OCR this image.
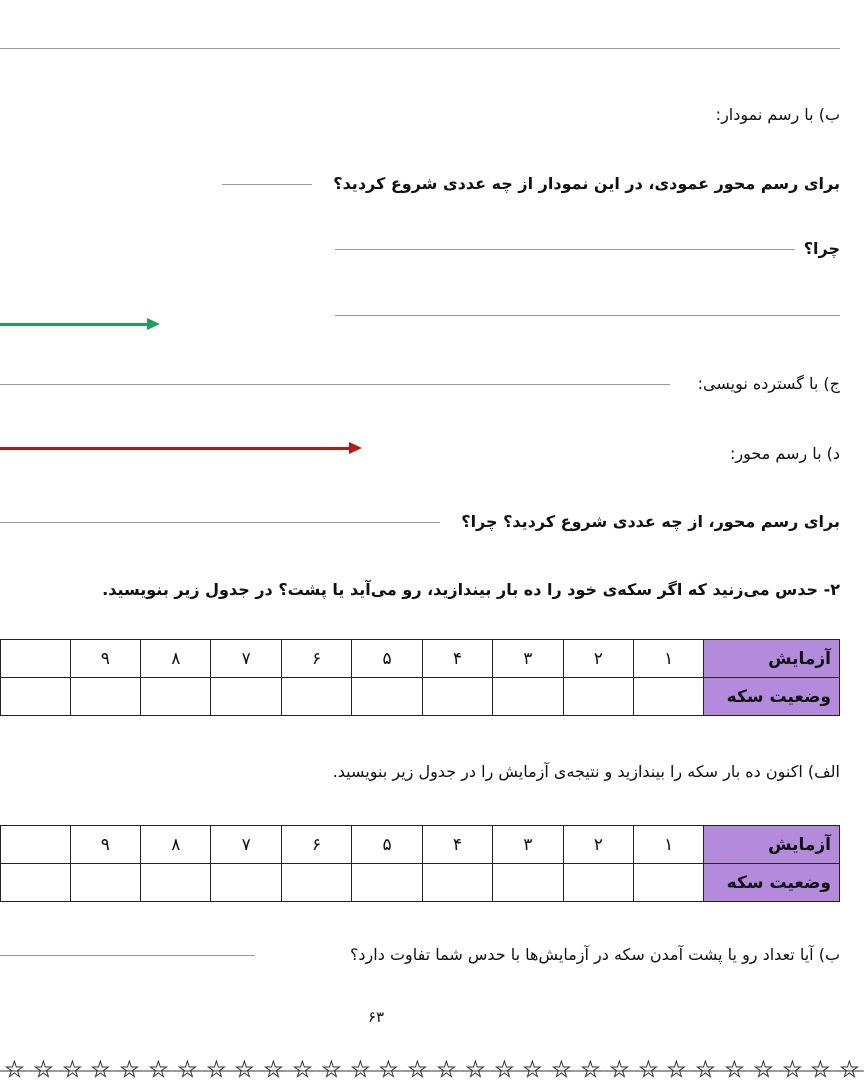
ب) با رسم نمودار:
برای رسم محور عمودی، در این نمودار از چه عددی شروع کردید؟
چرا؟
ج) با گسترده نویسی:
د) با رسم محور:
برای رسم محور، از چه عددی شروع کردید؟ چرا؟
۲- حدس می‌زنید که اگر سکه‌ی خود را ده بار بیندازید، رو می‌آید یا پشت؟ در جدول زیر بنویسید.
آزمایش	۱	۲	۳	۴	۵	۶	۷	۸	۹	
وضعیت سکه										
الف) اکنون ده بار سکه را بیندازید و نتیجه‌ی آزمایش را در جدول زیر بنویسید.
آزمایش	۱	۲	۳	۴	۵	۶	۷	۸	۹	
وضعیت سکه										
ب) آیا تعداد رو یا پشت آمدن سکه در آزمایش‌ها با حدس شما تفاوت دارد؟
۶۳
